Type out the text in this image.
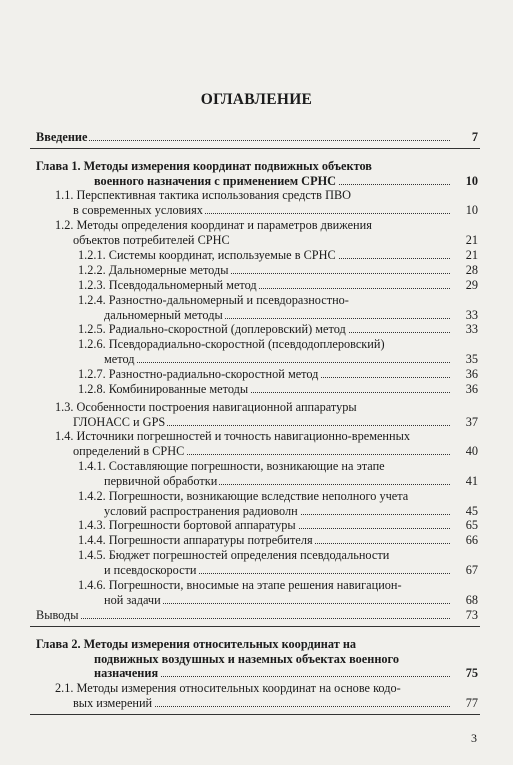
ОГЛАВЛЕНИЕ
Введение	7
Глава 1. Методы измерения координат подвижных объектов
военного назначения с применением СРНС	10
1.1. Перспективная тактика использования средств ПВО
в современных условиях	10
1.2. Методы определения координат и параметров движения
объектов потребителей СРНС	21
1.2.1. Системы координат, используемые в СРНС	21
1.2.2. Дальномерные методы	28
1.2.3. Псевдодальномерный метод	29
1.2.4. Разностно-дальномерный и псевдоразностно-
дальномерный методы	33
1.2.5. Радиально-скоростной (доплеровский) метод	33
1.2.6. Псевдорадиально-скоростной (псевдодоплеровский)
метод	35
1.2.7. Разностно-радиально-скоростной метод	36
1.2.8. Комбинированные методы	36
1.3. Особенности построения навигационной аппаратуры
ГЛОНАСС и GPS	37
1.4. Источники погрешностей и точность навигационно-временных
определений в СРНС	40
1.4.1. Составляющие погрешности, возникающие на этапе
первичной обработки	41
1.4.2. Погрешности, возникающие вследствие неполного учета
условий распространения радиоволн	45
1.4.3. Погрешности бортовой аппаратуры	65
1.4.4. Погрешности аппаратуры потребителя	66
1.4.5. Бюджет погрешностей определения псевдодальности
и псевдоскорости	67
1.4.6. Погрешности, вносимые на этапе решения навигацион-
ной задачи	68
Выводы	73
Глава 2. Методы измерения относительных координат на
подвижных воздушных и наземных объектах военного
назначения	75
2.1. Методы измерения относительных координат на основе кодо-
вых измерений	77
3
